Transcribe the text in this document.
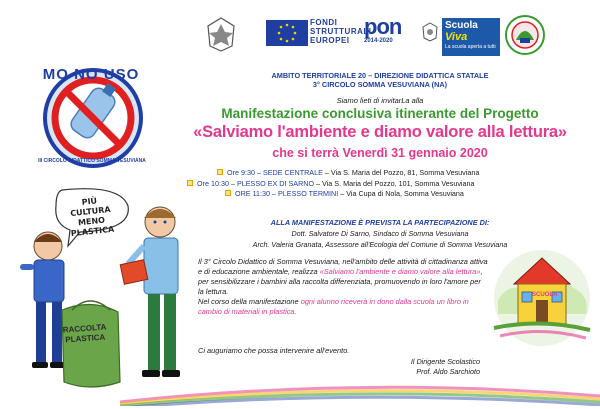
MO NO USO
III CIRCOLO DIDATTICO SOMMA VESUVIANA
FONDI STRUTTURALI EUROPEI
pon
2014-2020
Scuola
Viva
La scuola aperta a tutti
AMBITO TERRITORIALE 20 – DIREZIONE DIDATTICA STATALE
3° CIRCOLO SOMMA VESUVIANA (NA)
Siamo lieti di invitarLa alla
Manifestazione conclusiva itinerante del Progetto
«Salviamo l'ambiente e diamo valore alla lettura»
che si terrà Venerdì 31 gennaio 2020
Ore 9:30 – SEDE CENTRALE – Via S. Maria del Pozzo, 81, Somma Vesuviana
Ore 10:30 – PLESSO EX DI SARNO – Via S. Maria del Pozzo, 101, Somma Vesuviana
ORE 11:30 – PLESSO TERMINI – Via Cupa di Nola, Somma Vesuviana
ALLA MANIFESTAZIONE È PREVISTA LA PARTECIPAZIONE DI:
Dott. Salvatore Di Sarno, Sindaco di Somma Vesuviana
Arch. Valeria Granata, Assessore all'Ecologia del Comune di Somma Vesuviana
Il 3° Circolo Didattico di Somma Vesuviana, nell'ambito delle attività di cittadinanza attiva e di educazione ambientale, realizza «Salviamo l'ambiente e diamo valore alla lettura», per sensibilizzare i bambini alla raccolta differenziata, promuovendo in loro l'amore per la lettura.
Nel corso della manifestazione ogni alunno riceverà in dono dalla scuola un libro in cambio di materiali in plastica.
Ci auguriamo che possa intervenire all'evento.
Il Dirigente Scolastico
Prof. Aldo Sarchioto
PIÙ CULTURA MENO PLASTICA
RACCOLTA PLASTICA
SCUOLA
